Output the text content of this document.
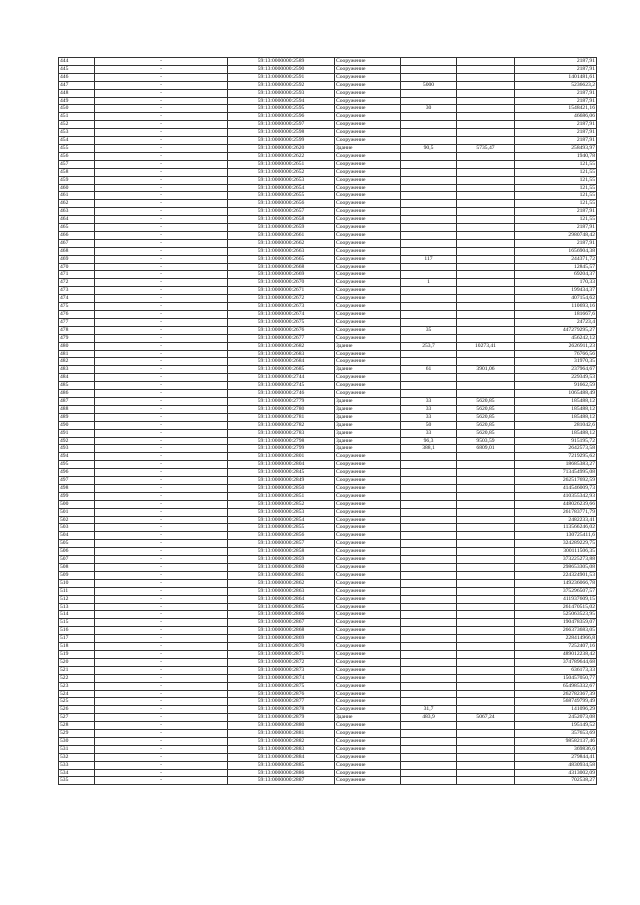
444	-	59:13:0000000:2589	Сооружение			2187,91
445	-	59:13:0000000:2590	Сооружение			2187,91
446	-	59:13:0000000:2591	Сооружение			1401481,61
447	-	59:13:0000000:2592	Сооружение	5000		5236623,2
448	-	59:13:0000000:2593	Сооружение			2187,91
449	-	59:13:0000000:2594	Сооружение			2187,91
450	-	59:13:0000000:2595	Сооружение	30		1548421,16
451	-	59:13:0000000:2596	Сооружение			46686,06
452	-	59:13:0000000:2597	Сооружение			2187,91
453	-	59:13:0000000:2598	Сооружение			2187,91
454	-	59:13:0000000:2599	Сооружение			2187,91
455	-	59:13:0000000:2620	Здание	90,5	5735,47	258493,97
456	-	59:13:0000000:2622	Сооружение			1940,78
457	-	59:13:0000000:2651	Сооружение			121,55
458	-	59:13:0000000:2652	Сооружение			121,55
459	-	59:13:0000000:2653	Сооружение			121,55
460	-	59:13:0000000:2654	Сооружение			121,55
461	-	59:13:0000000:2655	Сооружение			121,55
462	-	59:13:0000000:2656	Сооружение			121,55
463	-	59:13:0000000:2657	Сооружение			2187,91
464	-	59:13:0000000:2658	Сооружение			121,55
465	-	59:13:0000000:2659	Сооружение			2187,91
466	-	59:13:0000000:2661	Сооружение			2980748,42
467	-	59:13:0000000:2662	Сооружение			2187,91
468	-	59:13:0000000:2663	Сооружение			1656904,38
469	-	59:13:0000000:2665	Сооружение	117		244371,72
470	-	59:13:0000000:2668	Сооружение			12845,57
471	-	59:13:0000000:2669	Сооружение			69204,37
472	-	59:13:0000000:2670	Сооружение	1		170,33
473	-	59:13:0000000:2671	Сооружение			199434,37
474	-	59:13:0000000:2672	Сооружение			407154,62
475	-	59:13:0000000:2673	Сооружение			110693,16
476	-	59:13:0000000:2674	Сооружение			181667,6
477	-	59:13:0000000:2675	Сооружение			24723,4
478	-	59:13:0000000:2676	Сооружение	35		447279295,27
479	-	59:13:0000000:2677	Сооружение			456242,12
480	-	59:13:0000000:2682	Здание	253,7	10273,41	2626911,23
481	-	59:13:0000000:2683	Сооружение			76766,56
482	-	59:13:0000000:2684	Сооружение			31970,35
483	-	59:13:0000000:2685	Здание	61	3901,06	237964,67
484	-	59:13:0000000:2744	Сооружение			229349,53
485	-	59:13:0000000:2745	Сооружение			91662,59
486	-	59:13:0000000:2746	Сооружение			1065488,49
487	-	59:13:0000000:2779	Здание	33	5620,85	185488,12
488	-	59:13:0000000:2780	Здание	33	5620,85	185488,12
489	-	59:13:0000000:2781	Здание	33	5620,85	185488,12
490	-	59:13:0000000:2782	Здание	50	5620,85	281042,6
491	-	59:13:0000000:2783	Здание	33	5620,85	185488,12
492	-	59:13:0000000:2798	Здание	96,3	9503,59	915195,72
493	-	59:13:0000000:2799	Здание	388,1	6809,01	2642573,58
494	-	59:13:0000000:2801	Сооружение			7219295,62
495	-	59:13:0000000:2804	Сооружение			18685383,27
496	-	59:13:0000000:2845	Сооружение			713454995,08
497	-	59:13:0000000:2849	Сооружение			262517692,59
498	-	59:13:0000000:2850	Сооружение			414546009,73
499	-	59:13:0000000:2851	Сооружение			410355342,93
500	-	59:13:0000000:2852	Сооружение			448026239,66
501	-	59:13:0000000:2853	Сооружение			261783771,79
502	-	59:13:0000000:2854	Сооружение			2482233,41
503	-	59:13:0000000:2855	Сооружение			113566246,02
504	-	59:13:0000000:2856	Сооружение			130725411,6
505	-	59:13:0000000:2857	Сооружение			324289229,75
506	-	59:13:0000000:2858	Сооружение			300111506,35
507	-	59:13:0000000:2859	Сооружение			373225273,88
508	-	59:13:0000000:2860	Сооружение			298653305,08
509	-	59:13:0000000:2861	Сооружение			224324901,53
510	-	59:13:0000000:2862	Сооружение			149236066,78
511	-	59:13:0000000:2863	Сооружение			375296507,57
512	-	59:13:0000000:2864	Сооружение			411937609,15
513	-	59:13:0000000:2865	Сооружение			261470515,02
514	-	59:13:0000000:2866	Сооружение			525063523,95
515	-	59:13:0000000:2867	Сооружение			190478359,07
516	-	59:13:0000000:2868	Сооружение			266373683,05
517	-	59:13:0000000:2869	Сооружение			228414966,8
518	-	59:13:0000000:2870	Сооружение			7252407,16
519	-	59:13:0000000:2871	Сооружение			489012238,42
520	-	59:13:0000000:2872	Сооружение			374789644,68
521	-	59:13:0000000:2873	Сооружение			636173,33
522	-	59:13:0000000:2874	Сооружение			150457050,77
523	-	59:13:0000000:2875	Сооружение			654985332,67
524	-	59:13:0000000:2876	Сооружение			262782367,39
525	-	59:13:0000000:2877	Сооружение			568749799,49
526	-	59:13:0000000:2878	Сооружение	31,7		141096,29
527	-	59:13:0000000:2879	Здание	483,9	5067,24	2452073,08
528	-	59:13:0000000:2880	Сооружение			195149,52
529	-	59:13:0000000:2881	Сооружение			357653,69
530	-	59:13:0000000:2882	Сооружение			98582137,46
531	-	59:13:0000000:2883	Сооружение			369836,6
532	-	59:13:0000000:2884	Сооружение			279844,41
533	-	59:13:0000000:2885	Сооружение			4830934,58
534	-	59:13:0000000:2886	Сооружение			4313002,09
535	-	59:13:0000000:2887	Сооружение			702538,27
